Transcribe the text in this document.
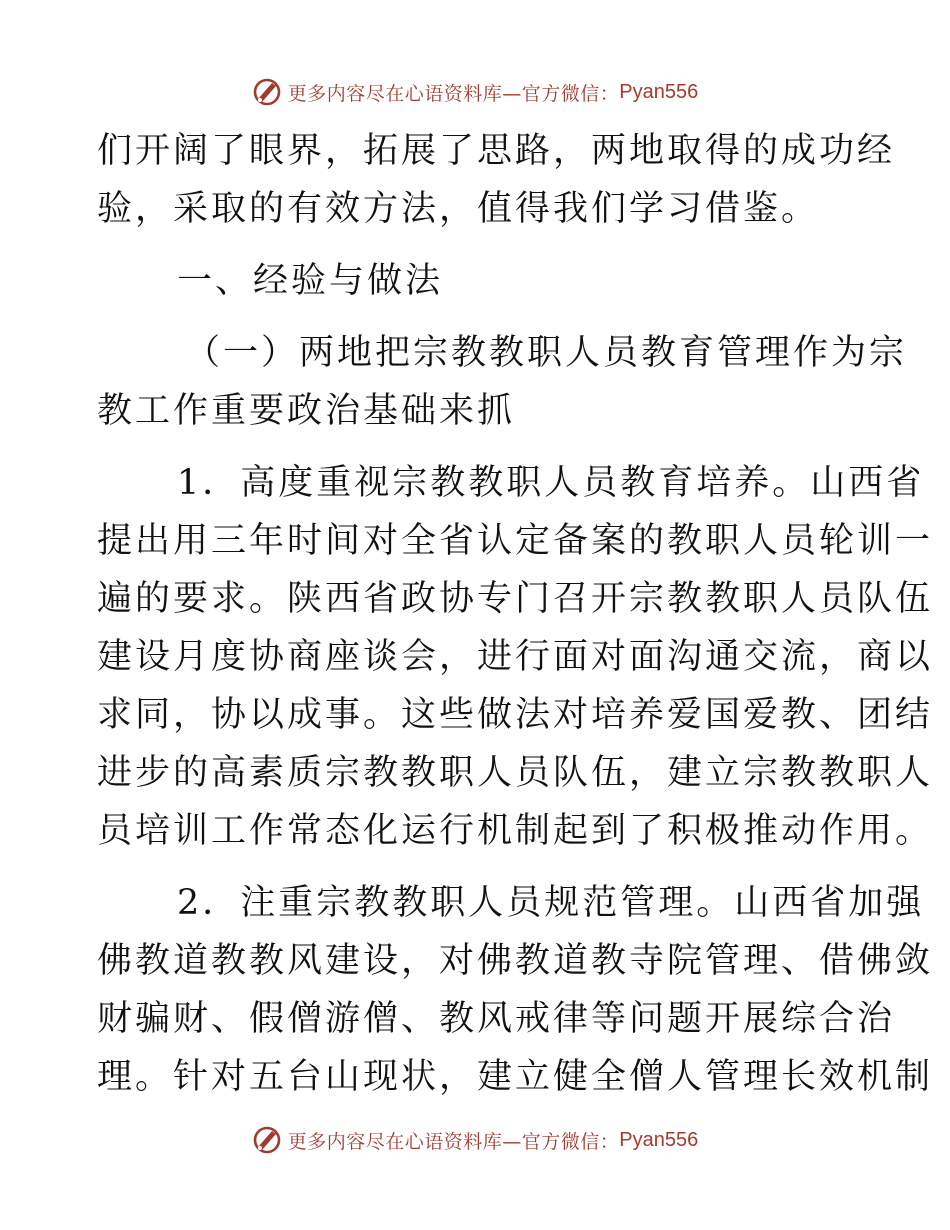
更多内容尽在心语资料库—官方微信： Pyan556
们开阔了眼界，拓展了思路，两地取得的成功经
验，采取的有效方法，值得我们学习借鉴。
一、经验与做法
（一）两地把宗教教职人员教育管理作为宗
教工作重要政治基础来抓
1．高度重视宗教教职人员教育培养。山西省
提出用三年时间对全省认定备案的教职人员轮训一
遍的要求。陕西省政协专门召开宗教教职人员队伍
建设月度协商座谈会，进行面对面沟通交流，商以
求同，协以成事。这些做法对培养爱国爱教、团结
进步的高素质宗教教职人员队伍，建立宗教教职人
员培训工作常态化运行机制起到了积极推动作用。
2．注重宗教教职人员规范管理。山西省加强
佛教道教教风建设，对佛教道教寺院管理、借佛敛
财骗财、假僧游僧、教风戒律等问题开展综合治
理。针对五台山现状，建立健全僧人管理长效机制
更多内容尽在心语资料库—官方微信： Pyan556
